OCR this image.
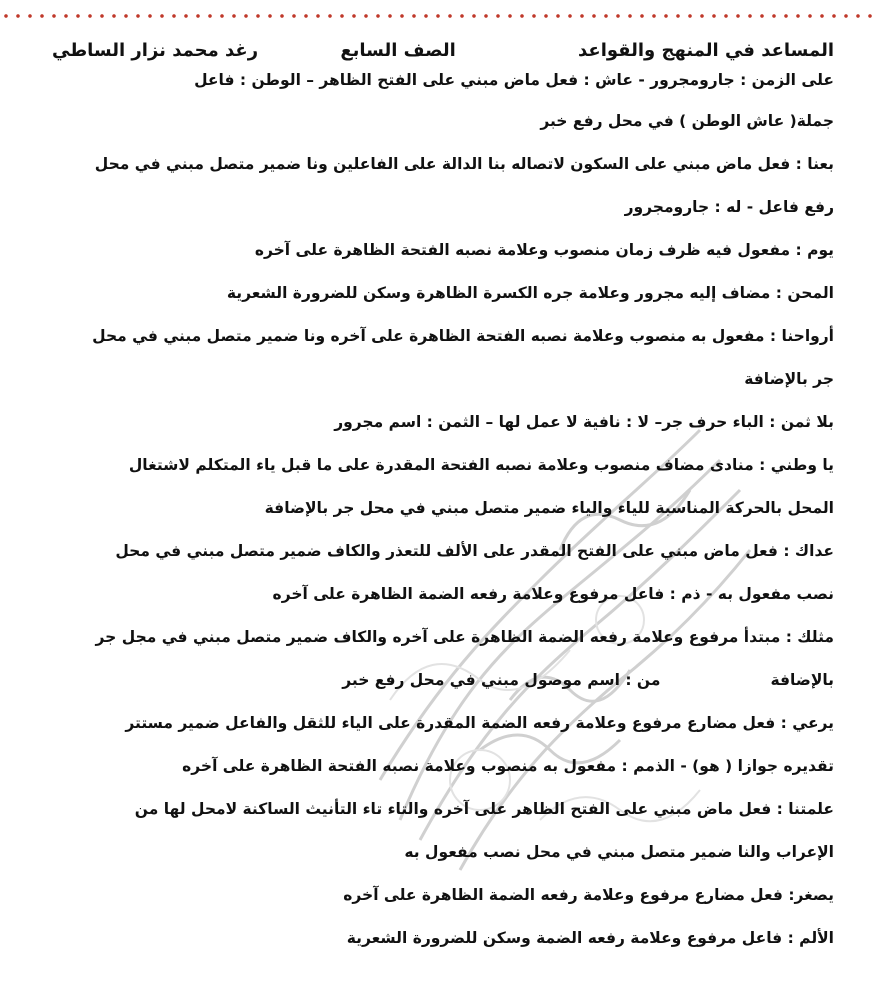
المساعد في المنهج والقواعد
الصف السابع
رغد محمد نزار الساطي
على الزمن : جارومجرور - عاش : فعل ماض مبني على الفتح الظاهر – الوطن : فاعل
جملة( عاش الوطن ) في محل رفع خبر
بعنا : فعل ماض مبني على السكون لاتصاله بنا الدالة على الفاعلين ونا ضمير متصل مبني في محل
رفع فاعل - له : جارومجرور
يوم : مفعول فيه ظرف زمان منصوب وعلامة نصبه الفتحة الظاهرة على آخره
المحن : مضاف إليه مجرور وعلامة جره الكسرة الظاهرة وسكن للضرورة الشعرية
أرواحنا : مفعول به منصوب وعلامة نصبه الفتحة الظاهرة على آخره ونا ضمير متصل مبني في محل
جر بالإضافة
بلا ثمن : الباء حرف جر– لا : نافية لا عمل لها – الثمن : اسم مجرور
يا وطني : منادى مضاف منصوب وعلامة نصبه الفتحة المقدرة على ما قبل ياء المتكلم لاشتغال
المحل بالحركة المناسبة للياء والياء ضمير متصل مبني في محل جر بالإضافة
عداك : فعل ماض مبني على الفتح المقدر على الألف للتعذر والكاف ضمير متصل مبني في محل
نصب مفعول به - ذم : فاعل مرفوع وعلامة رفعه الضمة الظاهرة على آخره
مثلك : مبتدأ مرفوع وعلامة رفعه الضمة الظاهرة على آخره والكاف ضمير متصل مبني في مجل جر
بالإضافةمن : اسم موصول مبني في محل رفع خبر
يرعي : فعل مضارع مرفوع وعلامة رفعه الضمة المقدرة على الياء للثقل والفاعل ضمير مستتر
تقديره جوازا ( هو) - الذمم : مفعول به منصوب وعلامة نصبه الفتحة الظاهرة على آخره
علمتنا : فعل ماض مبني على الفتح الظاهر على آخره والتاء تاء التأنيث الساكنة لامحل لها من
الإعراب والنا ضمير متصل مبني في محل نصب مفعول به
يصغر: فعل مضارع مرفوع وعلامة رفعه الضمة الظاهرة على آخره
الألم : فاعل مرفوع وعلامة رفعه الضمة وسكن للضرورة الشعرية
